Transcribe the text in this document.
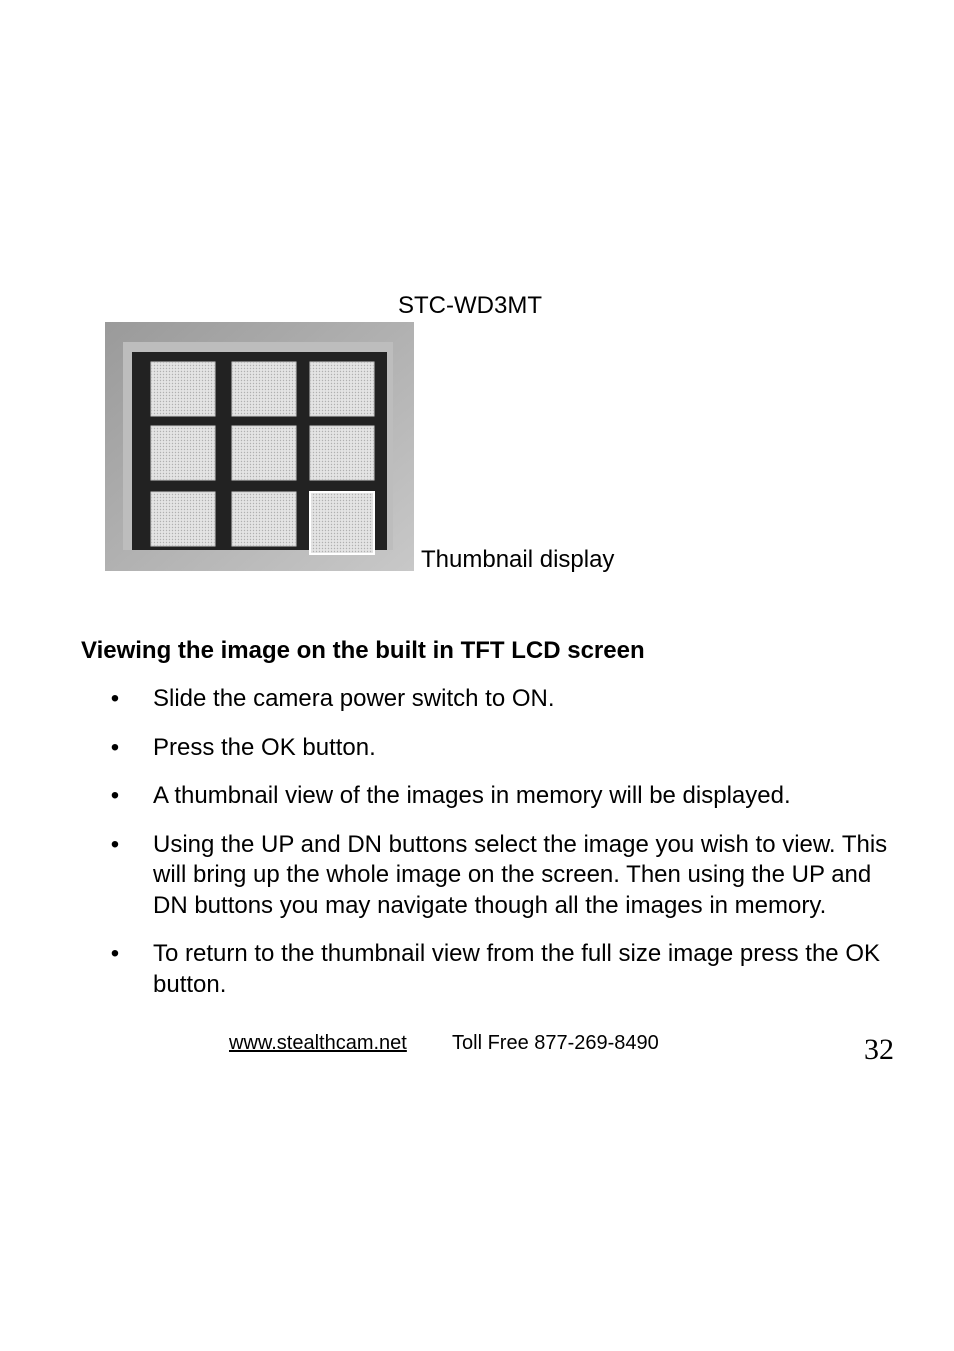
STC-WD3MT
Thumbnail display
Viewing the image on the built in TFT LCD screen
• Slide the camera power switch to ON.
• Press the OK button.
• A thumbnail view of the images in memory will be displayed.
• Using the UP and DN buttons select the image you wish to view. This will bring up the whole image on the screen. Then using the UP and DN buttons you may navigate though all the images in memory.
• To return to the thumbnail view from the full size image press the OK button.
www.stealthcam.net Toll Free 877-269-8490	32
